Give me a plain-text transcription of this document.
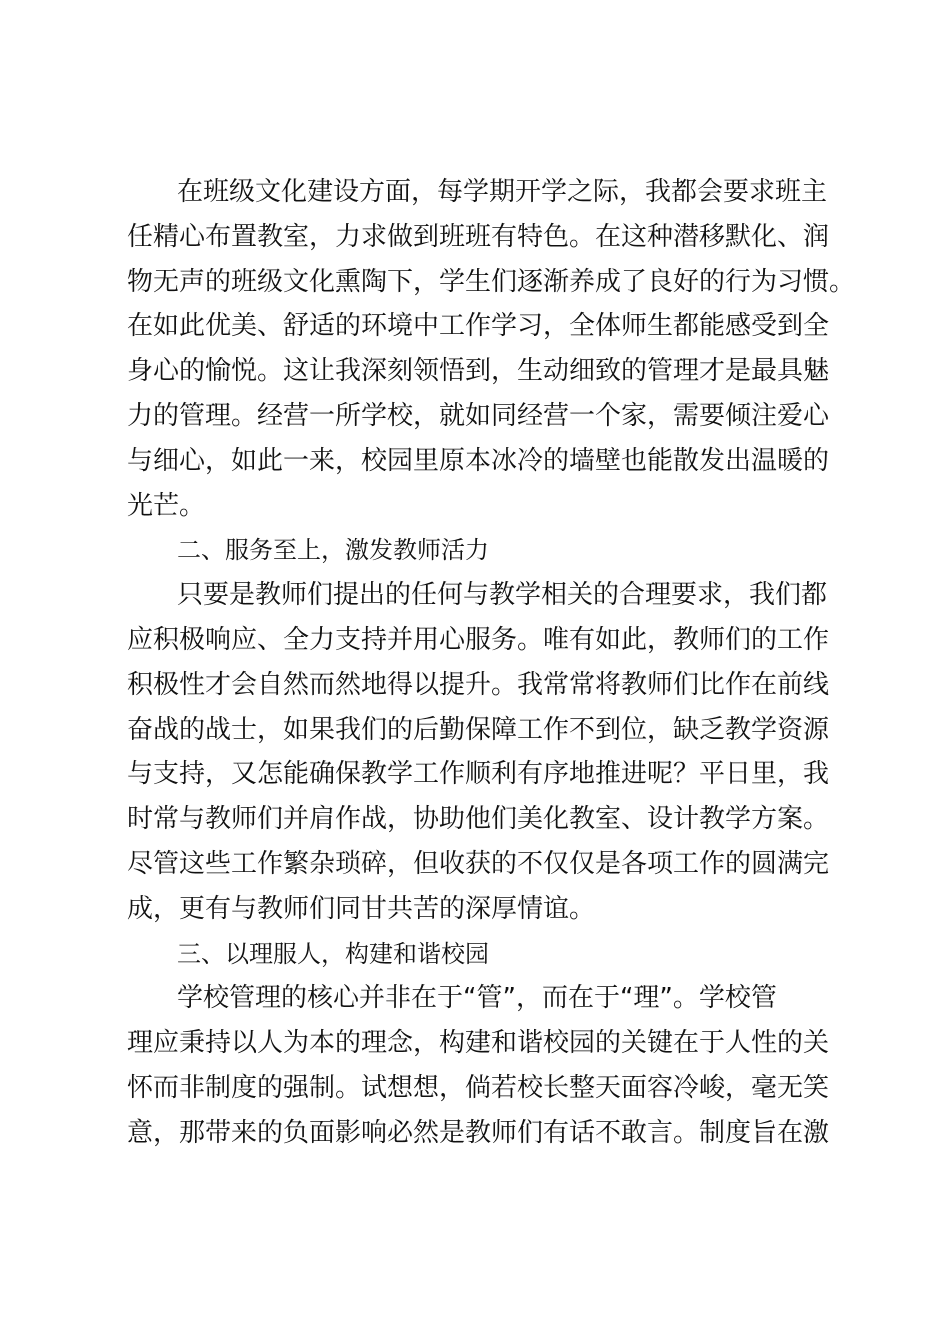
在班级文化建设方面，每学期开学之际，我都会要求班主
任精心布置教室，力求做到班班有特色。在这种潜移默化、润
物无声的班级文化熏陶下，学生们逐渐养成了良好的行为习惯。
在如此优美、舒适的环境中工作学习，全体师生都能感受到全
身心的愉悦。这让我深刻领悟到，生动细致的管理才是最具魅
力的管理。经营一所学校，就如同经营一个家，需要倾注爱心
与细心，如此一来，校园里原本冰冷的墙壁也能散发出温暖的
光芒。
二、服务至上，激发教师活力
只要是教师们提出的任何与教学相关的合理要求，我们都
应积极响应、全力支持并用心服务。唯有如此，教师们的工作
积极性才会自然而然地得以提升。我常常将教师们比作在前线
奋战的战士，如果我们的后勤保障工作不到位，缺乏教学资源
与支持，又怎能确保教学工作顺利有序地推进呢？平日里，我
时常与教师们并肩作战，协助他们美化教室、设计教学方案。
尽管这些工作繁杂琐碎，但收获的不仅仅是各项工作的圆满完
成，更有与教师们同甘共苦的深厚情谊。
三、以理服人，构建和谐校园
学校管理的核心并非在于“管”，而在于“理”。学校管
理应秉持以人为本的理念，构建和谐校园的关键在于人性的关
怀而非制度的强制。试想想，倘若校长整天面容冷峻，毫无笑
意，那带来的负面影响必然是教师们有话不敢言。制度旨在激
